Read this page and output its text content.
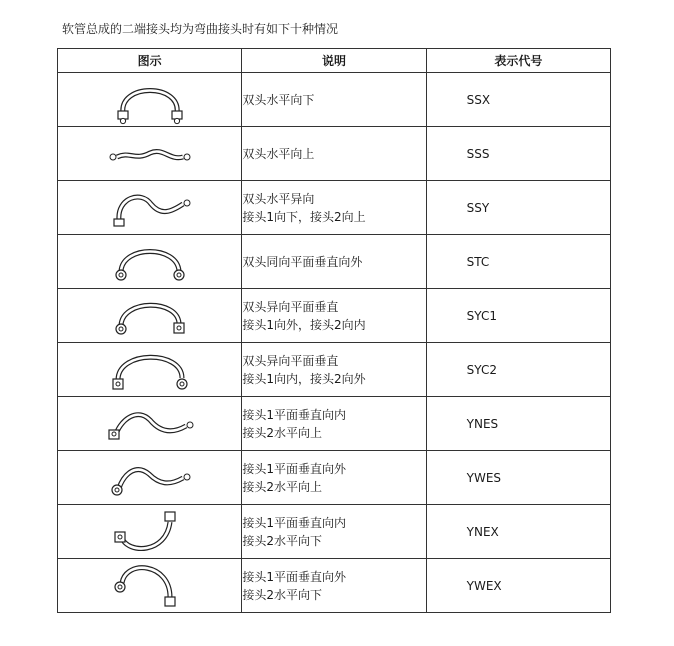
软管总成的二端接头均为弯曲接头时有如下十种情况
图示	说明	表示代号

双头水平向下	SSX

双头水平向上	SSS

双头水平异向
接头1向下，接头2向上	SSY

双头同向平面垂直向外	STC

双头异向平面垂直
接头1向外，接头2向内	SYC1

双头异向平面垂直
接头1向内，接头2向外	SYC2

接头1平面垂直向内
接头2水平向上	YNES

接头1平面垂直向外
接头2水平向上	YWES

接头1平面垂直向内
接头2水平向下	YNEX

接头1平面垂直向外
接头2水平向下	YWEX
